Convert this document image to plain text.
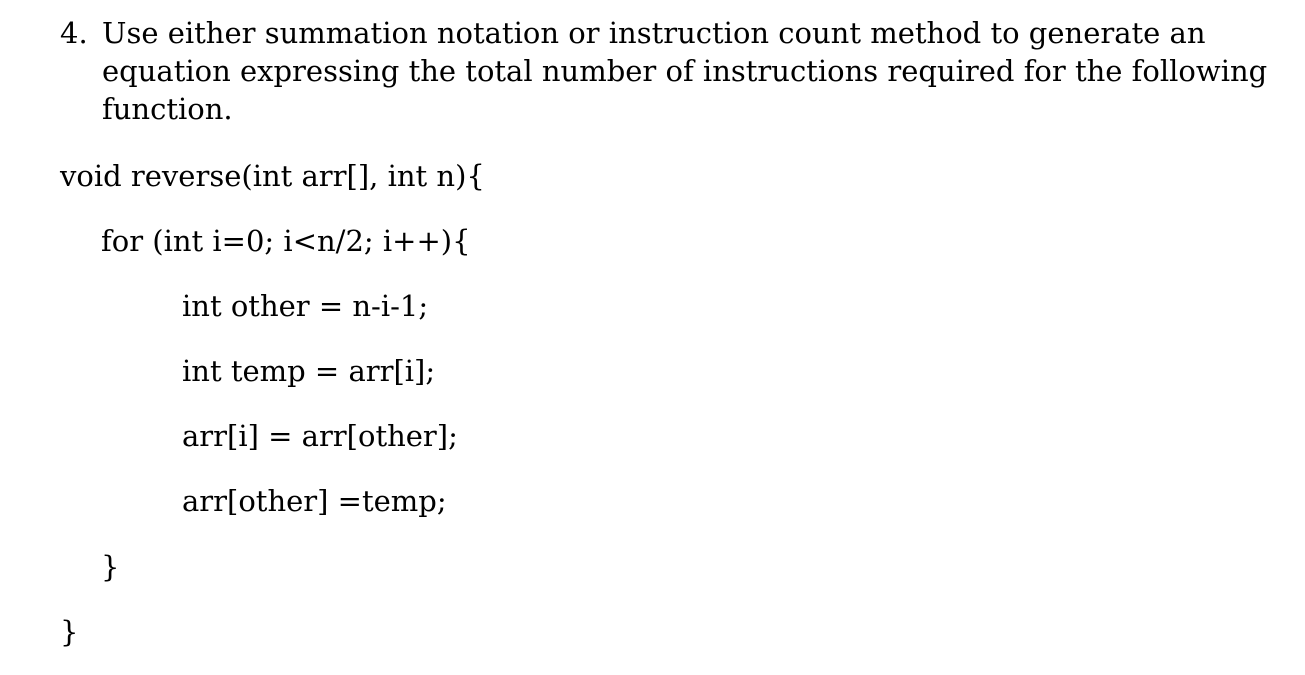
4. Use either summation notation or instruction count method to generate an equation expressing the total number of instructions required for the following function.
void reverse(int arr[], int n){
for (int i=0; i<n/2; i++){
int other = n-i-1;
int temp = arr[i];
arr[i] = arr[other];
arr[other] =temp;
}
}
